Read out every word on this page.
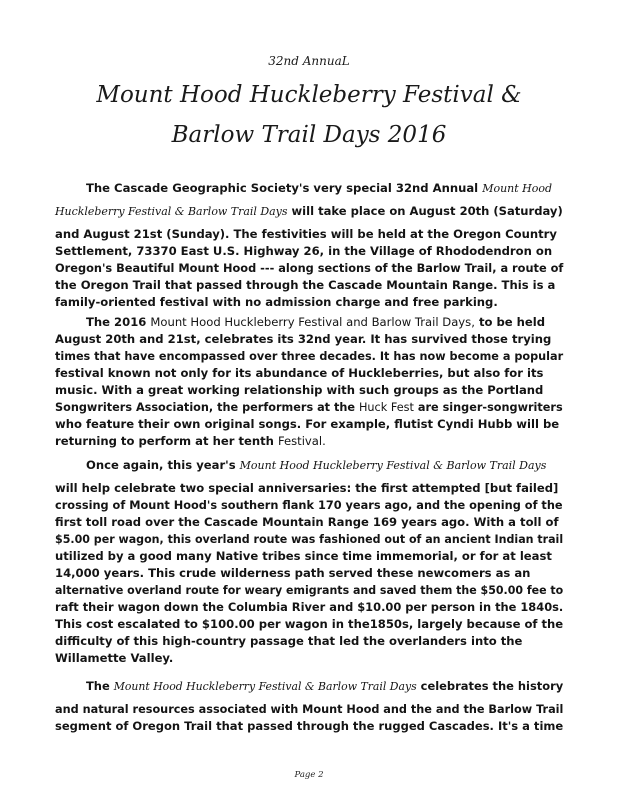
32nd AnnuaL
Mount Hood Huckleberry Festival &
Barlow Trail Days 2016
The Cascade Geographic Society's very special 32nd Annual Mount Hood
Huckleberry Festival & Barlow Trail Days will take place on August 20th (Saturday)
and August 21st (Sunday). The festivities will be held at the Oregon Country
Settlement, 73370 East U.S. Highway 26, in the Village of Rhododendron on
Oregon's Beautiful Mount Hood --- along sections of the Barlow Trail, a route of
the Oregon Trail that passed through the Cascade Mountain Range. This is a
family-oriented festival with no admission charge and free parking.
The 2016 Mount Hood Huckleberry Festival and Barlow Trail Days, to be held
August 20th and 21st, celebrates its 32nd year. It has survived those trying
times that have encompassed over three decades. It has now become a popular
festival known not only for its abundance of Huckleberries, but also for its
music. With a great working relationship with such groups as the Portland
Songwriters Association, the performers at the Huck Fest are singer-songwriters
who feature their own original songs. For example, flutist Cyndi Hubb will be
returning to perform at her tenth Festival.
Once again, this year's Mount Hood Huckleberry Festival & Barlow Trail Days
will help celebrate two special anniversaries: the first attempted [but failed]
crossing of Mount Hood's southern flank 170 years ago, and the opening of the
first toll road over the Cascade Mountain Range 169 years ago. With a toll of
$5.00 per wagon, this overland route was fashioned out of an ancient Indian trail
utilized by a good many Native tribes since time immemorial, or for at least
14,000 years. This crude wilderness path served these newcomers as an
alternative overland route for weary emigrants and saved them the $50.00 fee to
raft their wagon down the Columbia River and $10.00 per person in the 1840s.
This cost escalated to $100.00 per wagon in the1850s, largely because of the
difficulty of this high-country passage that led the overlanders into the
Willamette Valley.
The Mount Hood Huckleberry Festival & Barlow Trail Days celebrates the history
and natural resources associated with Mount Hood and the and the Barlow Trail
segment of Oregon Trail that passed through the rugged Cascades. It's a time
Page 2
